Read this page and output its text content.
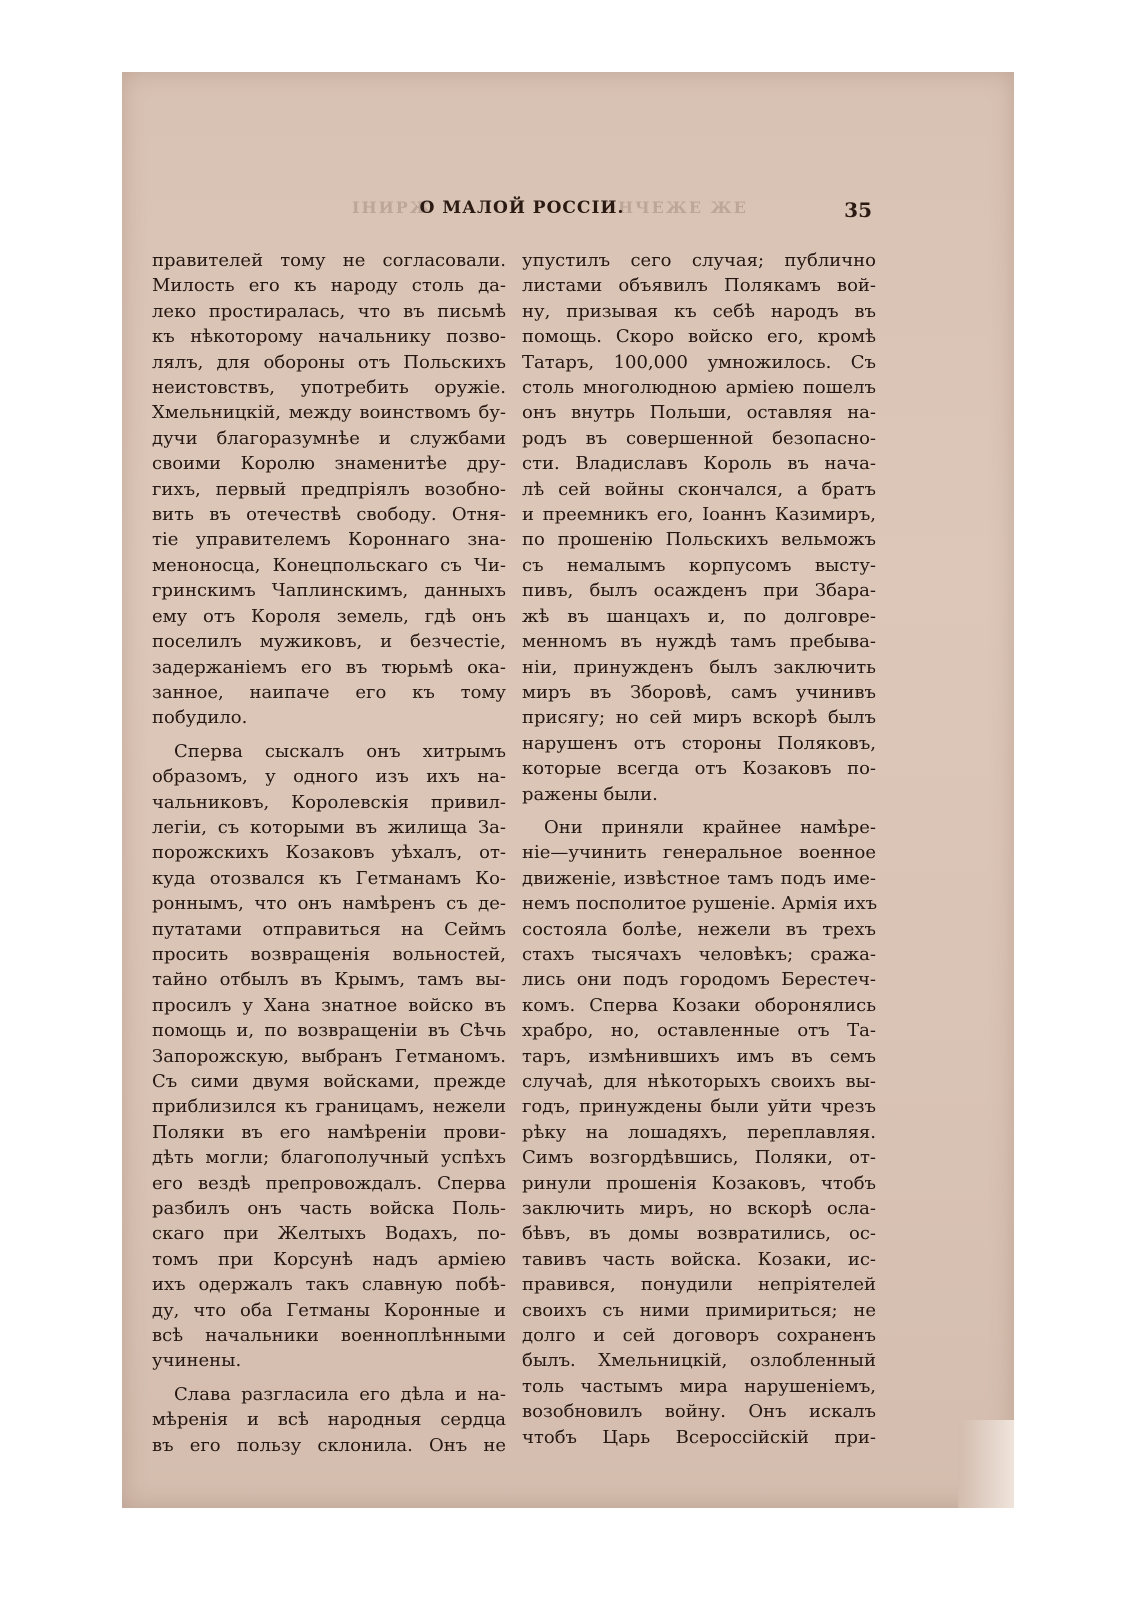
ІНИРЖ	ОНЧЕЖЕ ЖЕ
О МАЛОЙ РОССІИ.	35
правителей тому не согласовали.
Милость его къ народу столь да-
леко простиралась, что въ письмѣ
къ нѣкоторому начальнику позво-
лялъ, для обороны отъ Польскихъ
неистовствъ, употребить оружіе.
Хмельницкій, между воинствомъ бу-
дучи благоразумнѣе и службами
своими Королю знаменитѣе дру-
гихъ, первый предпріялъ возобно-
вить въ отечествѣ свободу. Отня-
тіе управителемъ Короннаго зна-
меноносца, Конецпольскаго съ Чи-
гринскимъ Чаплинскимъ, данныхъ
ему отъ Короля земель, гдѣ онъ
поселилъ мужиковъ, и безчестіе,
задержаніемъ его въ тюрьмѣ ока-
занное, наипаче его къ тому
побудило.
Сперва сыскалъ онъ хитрымъ
образомъ, у одного изъ ихъ на-
чальниковъ, Королевскія привил-
легіи, съ которыми въ жилища За-
порожскихъ Козаковъ уѣхалъ, от-
куда отозвался къ Гетманамъ Ко-
роннымъ, что онъ намѣренъ съ де-
путатами отправиться на Сеймъ
просить возвращенія вольностей,
тайно отбылъ въ Крымъ, тамъ вы-
просилъ у Хана знатное войско въ
помощь и, по возвращеніи въ Сѣчь
Запорожскую, выбранъ Гетманомъ.
Съ сими двумя войсками, прежде
приблизился къ границамъ, нежели
Поляки въ его намѣреніи прови-
дѣть могли; благополучный успѣхъ
его вездѣ препровождалъ. Сперва
разбилъ онъ часть войска Поль-
скаго при Желтыхъ Водахъ, по-
томъ при Корсунѣ надъ арміею
ихъ одержалъ такъ славную побѣ-
ду, что оба Гетманы Коронные и
всѣ начальники военноплѣнными
учинены.
Слава разгласила его дѣла и на-
мѣренія и всѣ народныя сердца
въ его пользу склонила. Онъ не
упустилъ сего случая; публично
листами объявилъ Полякамъ вой-
ну, призывая къ себѣ народъ въ
помощь. Скоро войско его, кромѣ
Татаръ, 100,000 умножилось. Съ
столь многолюдною арміею пошелъ
онъ внутрь Польши, оставляя на-
родъ въ совершенной безопасно-
сти. Владиславъ Король въ нача-
лѣ сей войны скончался, а братъ
и преемникъ его, Іоаннъ Казимиръ,
по прошенію Польскихъ вельможъ
съ немалымъ корпусомъ высту-
пивъ, былъ осажденъ при Збара-
жѣ въ шанцахъ и, по долговре-
менномъ въ нуждѣ тамъ пребыва-
ніи, принужденъ былъ заключить
миръ въ Зборовѣ, самъ учинивъ
присягу; но сей миръ вскорѣ былъ
нарушенъ отъ стороны Поляковъ,
которые всегда отъ Козаковъ по-
ражены были.
Они приняли крайнее намѣре-
ніе—учинить генеральное военное
движеніе, извѣстное тамъ подъ име-
немъ посполитое рушеніе. Армія ихъ
состояла болѣе, нежели въ трехъ
стахъ тысячахъ человѣкъ; сража-
лись они подъ городомъ Берестеч-
комъ. Сперва Козаки оборонялись
храбро, но, оставленные отъ Та-
таръ, измѣнившихъ имъ въ семъ
случаѣ, для нѣкоторыхъ своихъ вы-
годъ, принуждены были уйти чрезъ
рѣку на лошадяхъ, переплавляя.
Симъ возгордѣвшись, Поляки, от-
ринули прошенія Козаковъ, чтобъ
заключить миръ, но вскорѣ осла-
бѣвъ, въ домы возвратились, ос-
тавивъ часть войска. Козаки, ис-
правився, понудили непріятелей
своихъ съ ними примириться; не
долго и сей договоръ сохраненъ
былъ. Хмельницкій, озлобленный
толь частымъ мира нарушеніемъ,
возобновилъ войну. Онъ искалъ
чтобъ Царь Всероссійскій при-
